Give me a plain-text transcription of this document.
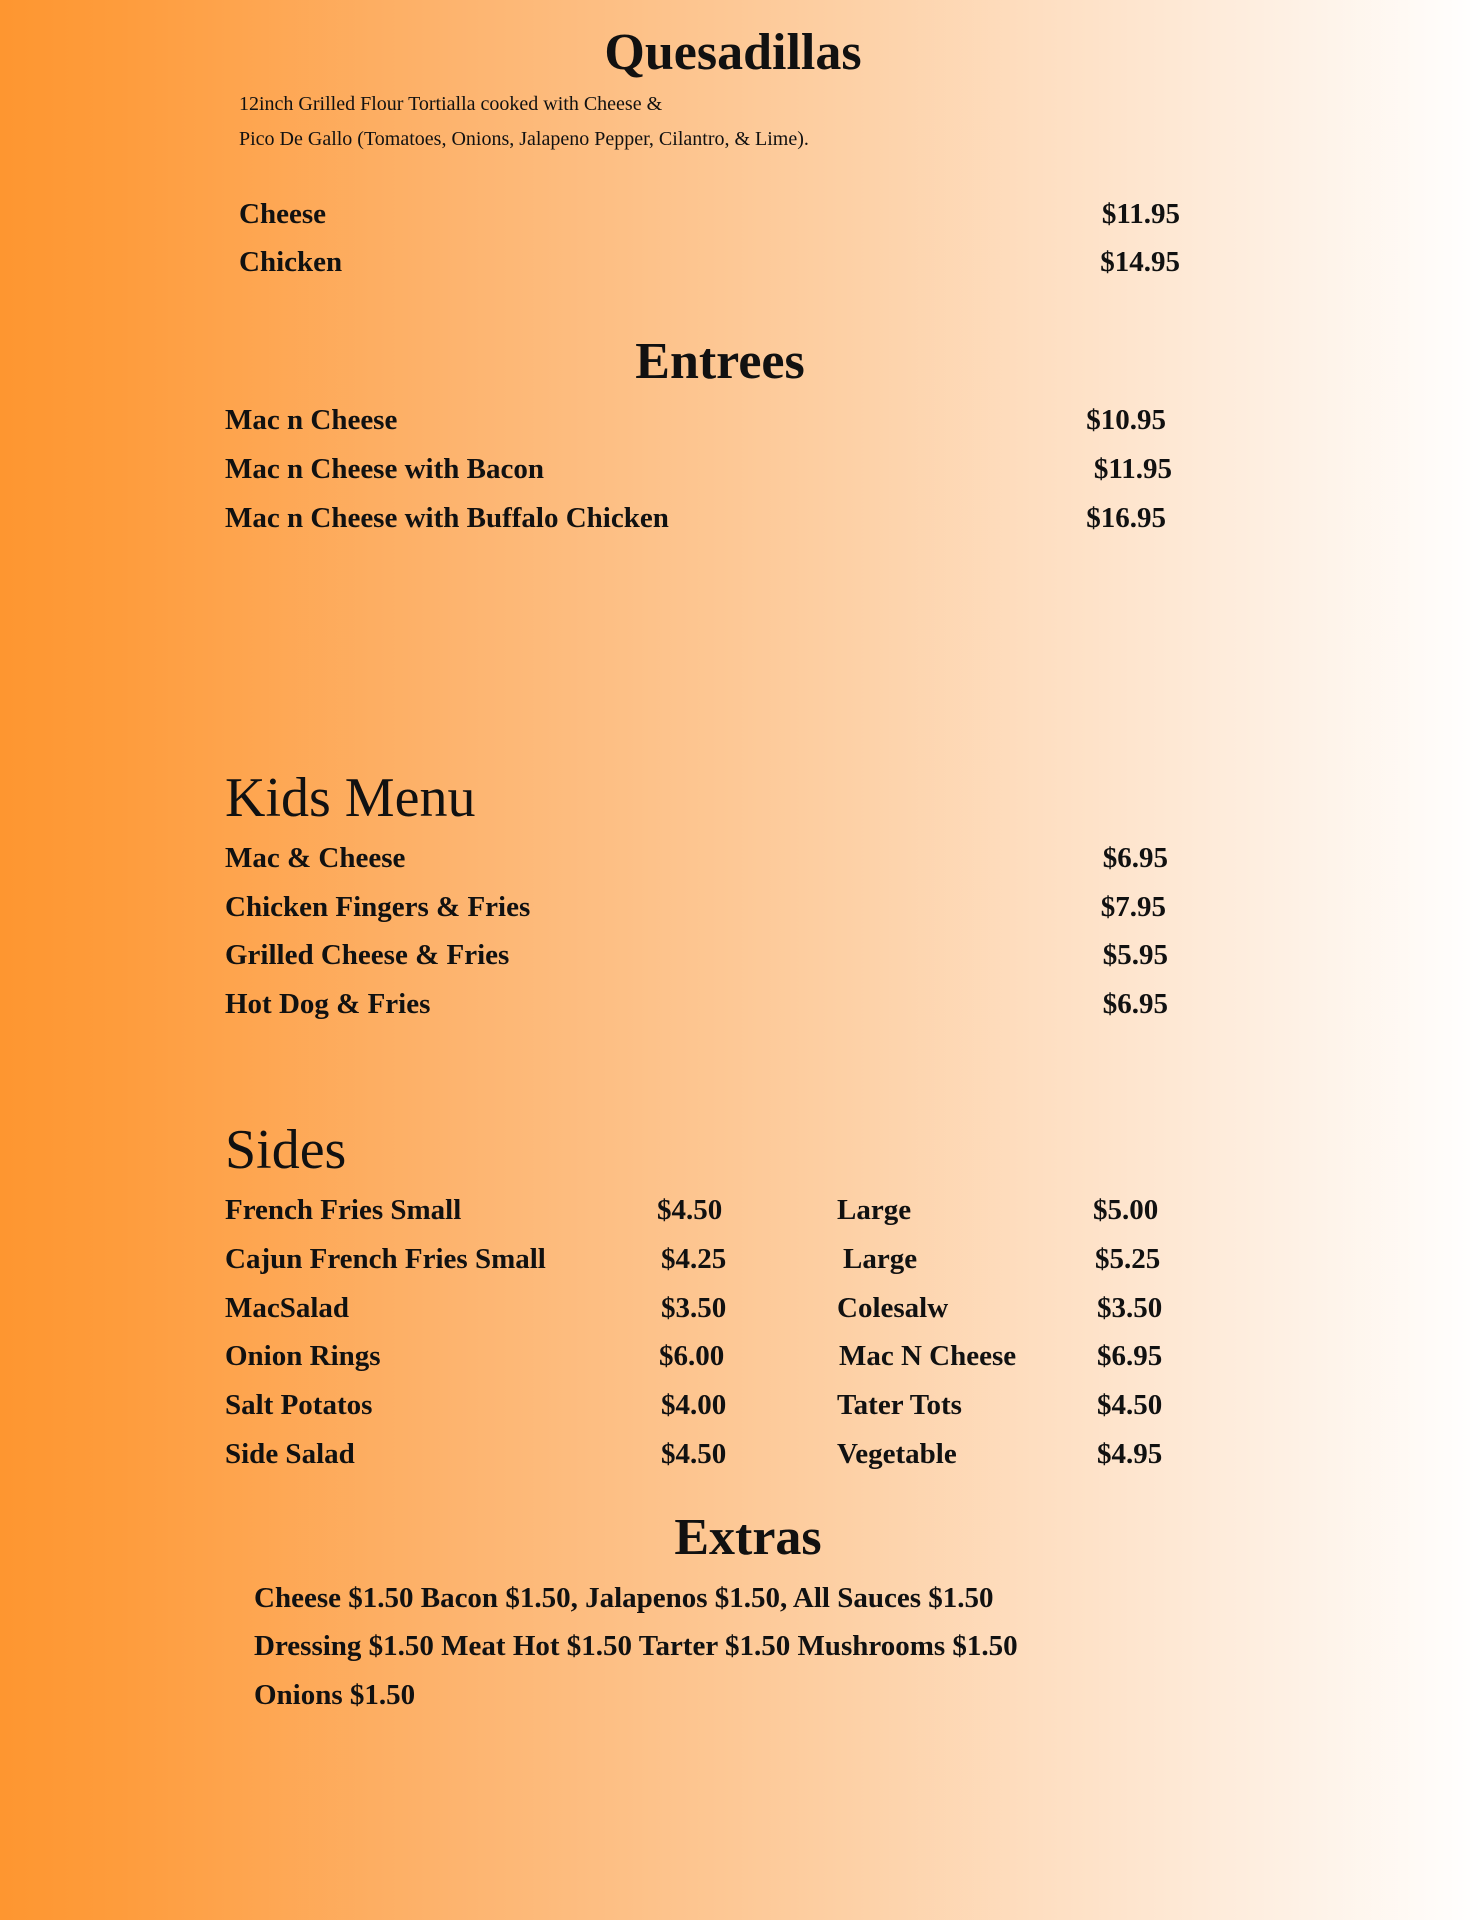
Quesadillas
12inch Grilled Flour Tortialla cooked with Cheese &
Pico De Gallo (Tomatoes, Onions, Jalapeno Pepper, Cilantro, & Lime).
Cheese	$11.95
Chicken	$14.95
Entrees
Mac n Cheese	$10.95
Mac n Cheese with Bacon	$11.95
Mac n Cheese with Buffalo Chicken	$16.95
Kids Menu
Mac & Cheese	$6.95
Chicken Fingers & Fries	$7.95
Grilled Cheese & Fries	$5.95
Hot Dog & Fries	$6.95
Sides
French Fries Small	$4.50	Large	$5.00
Cajun French Fries Small	$4.25	Large	$5.25
MacSalad	$3.50	Colesalw	$3.50
Onion Rings	$6.00	Mac N Cheese	$6.95
Salt Potatos	$4.00	Tater Tots	$4.50
Side Salad	$4.50	Vegetable	$4.95
Extras
Cheese $1.50 Bacon $1.50, Jalapenos $1.50, All Sauces $1.50
Dressing $1.50 Meat Hot $1.50 Tarter $1.50 Mushrooms $1.50
Onions $1.50
